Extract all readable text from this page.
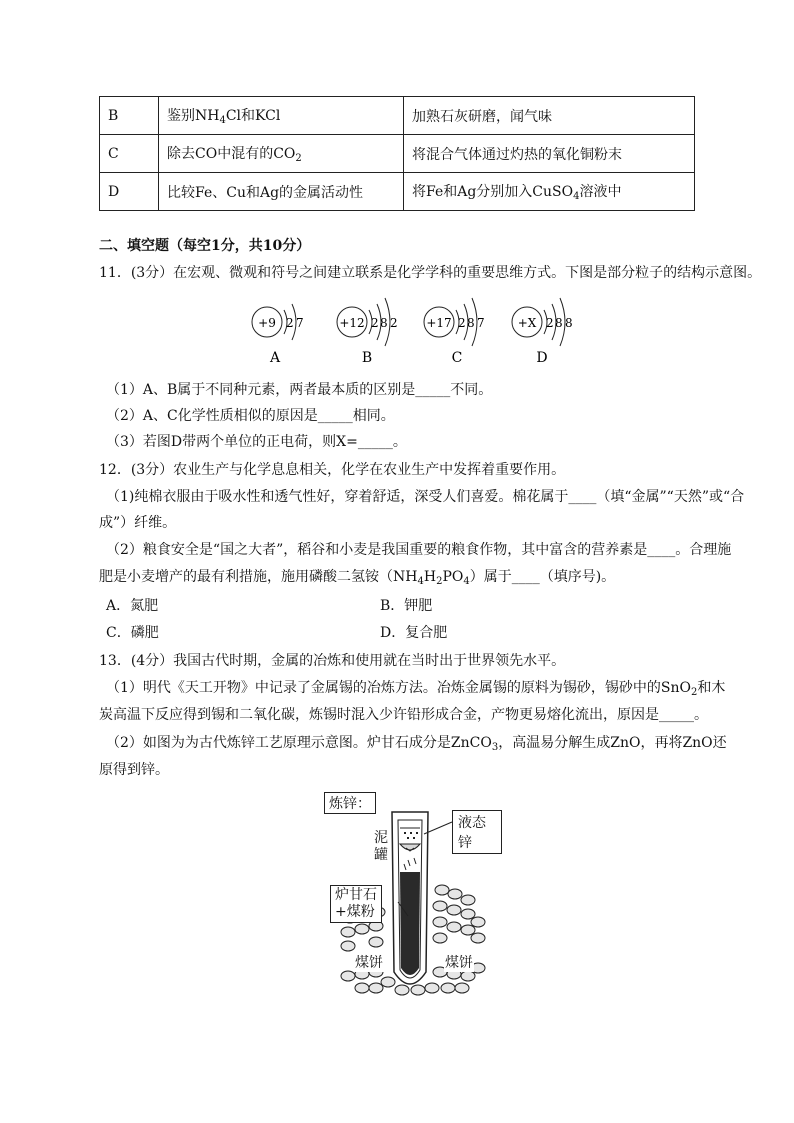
B	鉴别$NH_4Cl$和KCl	加熟石灰研磨，闻气味
C	除去CO中混有的$CO_2$	将混合气体通过灼热的氧化铜粉末
D	比较Fe、Cu和Ag的金属活动性	将Fe和Ag分别加入CuSO$_4$溶液中
二、填空题（每空1分，共10分）
11．(3分）在宏观、微观和符号之间建立联系是化学学科的重要思维方式。下图是部分粒子的结构示意图。
+9 2 7
A
+12 2 8 2
B
+17 2 8 7
C
+X 2 8 8
D
（1）A、B属于不同种元素，两者最本质的区别是_____不同。
（2）A、C化学性质相似的原因是_____相同。
（3）若图D带两个单位的正电荷，则X=_____。
12．(3分）农业生产与化学息息相关，化学在农业生产中发挥着重要作用。
（1)纯棉衣服由于吸水性和透气性好，穿着舒适，深受人们喜爱。棉花属于____（填“金属”“天然”或“合
成”）纤维。
（2）粮食安全是“国之大者”，稻谷和小麦是我国重要的粮食作物，其中富含的营养素是____。合理施
肥是小麦增产的最有利措施，施用磷酸二氢铵$(NH_4H_2PO_4)$属于____（填序号)。
A．氮肥	B．钾肥
C．磷肥	D．复合肥
13．(4分）我国古代时期，金属的冶炼和使用就在当时出于世界领先水平。
（1）明代《天工开物》中记录了金属锡的冶炼方法。冶炼金属锡的原料为锡砂，锡砂中的SnO$_2$和木
炭高温下反应得到锡和二氧化碳，炼锡时混入少许铅形成合金，产物更易熔化流出，原因是_____。
（2）如图为为古代炼锌工艺原理示意图。炉甘石成分是ZnCO$_3$，高温易分解生成ZnO，再将ZnO还
原得到锌。
炼锌：
液态锌
泥罐
炉甘石
+煤粉
煤饼	煤饼
